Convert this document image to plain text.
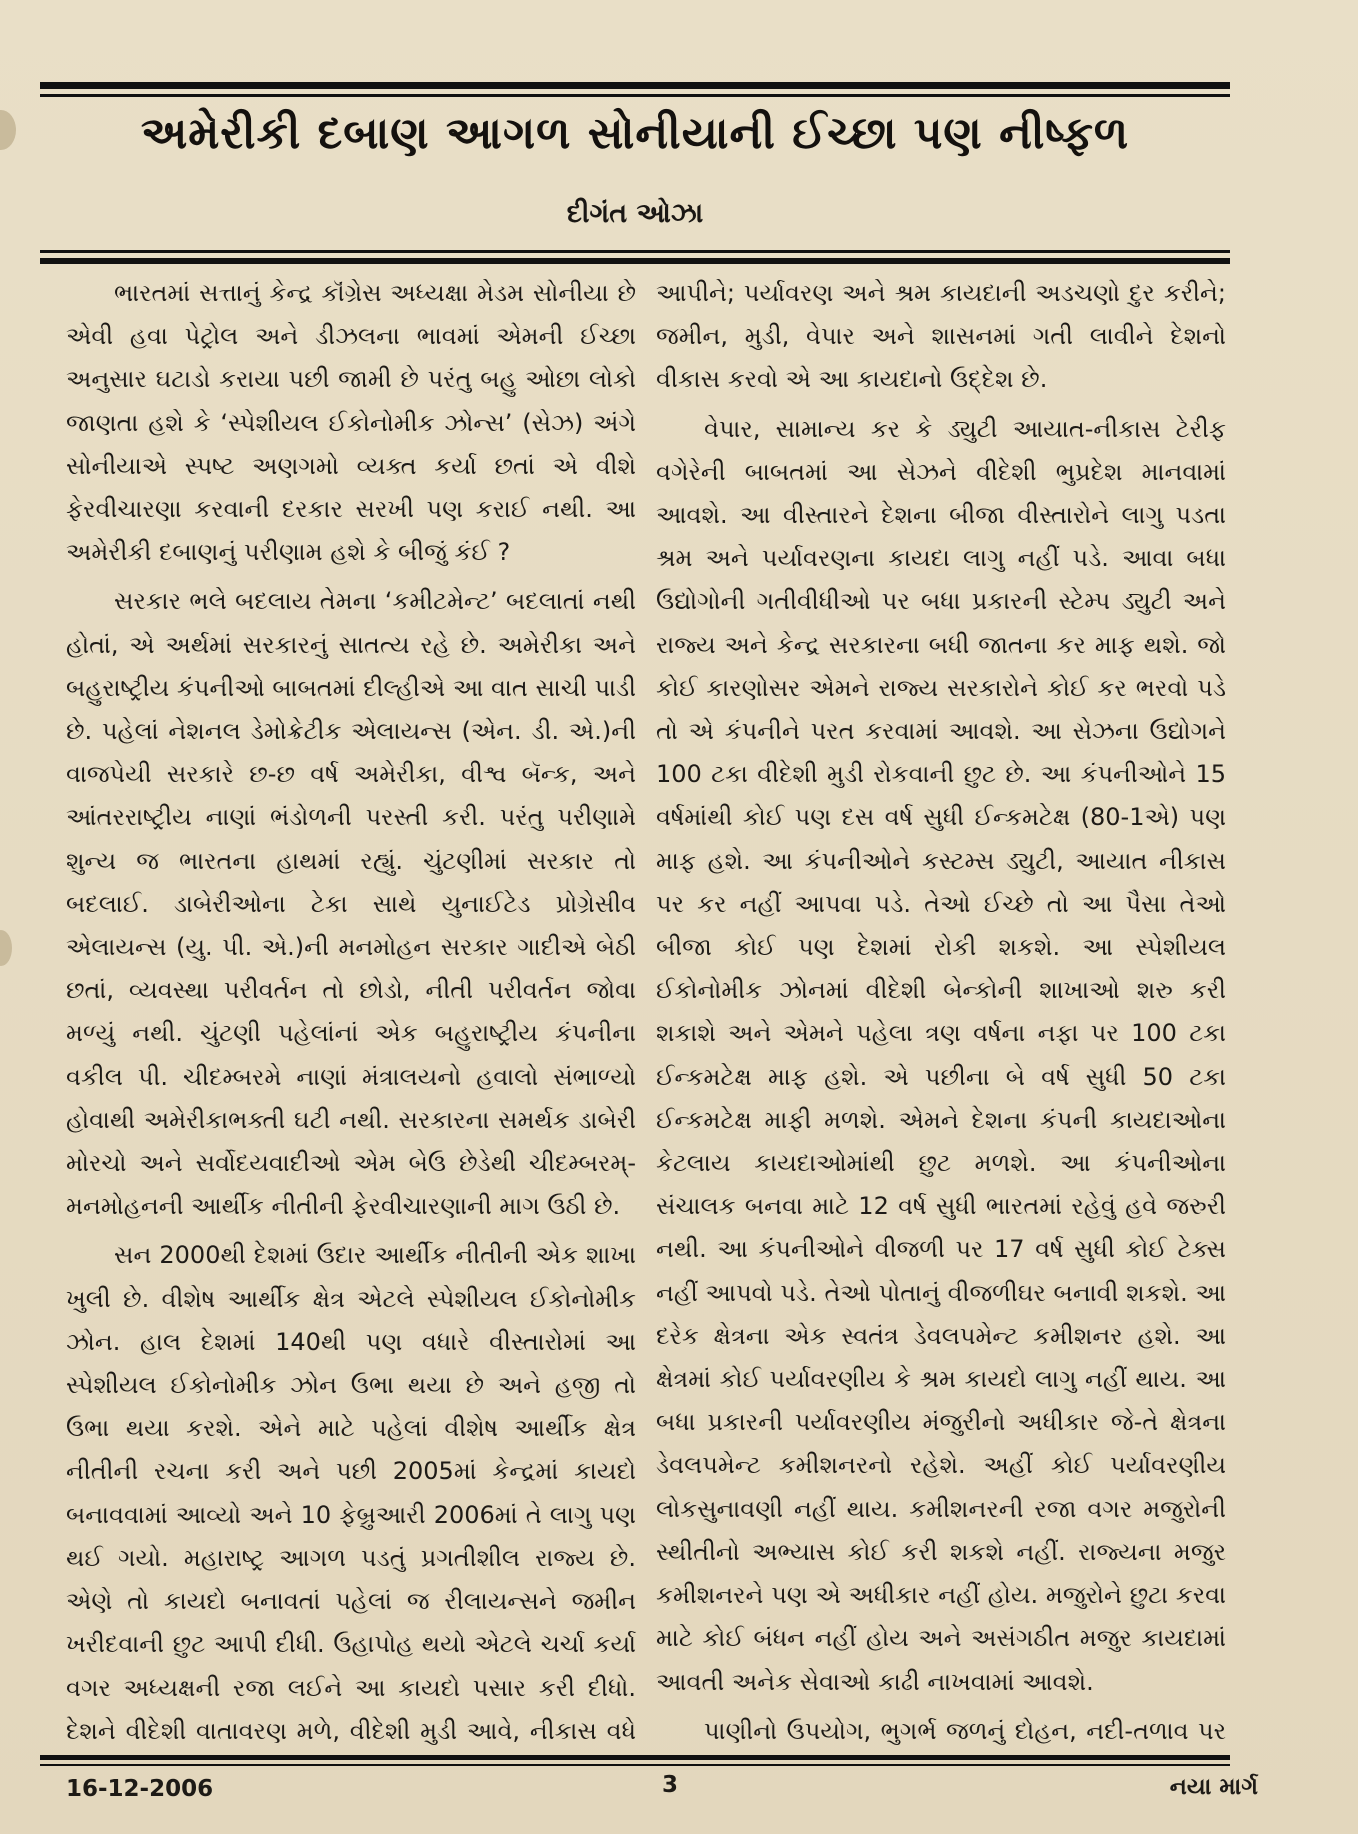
અમેરીકી દબાણ આગળ સોનીયાની ઈચ્છા પણ નીષ્ફળ
દીગંત ઓઝા

ભારતમાં સત્તાનું કેન્દ્ર કૉંગ્રેસ અધ્યક્ષા મેડમ સોનીયા છે એવી હવા પેટ્રોલ અને ડીઝલના ભાવમાં એમની ઈચ્છા અનુસાર ઘટાડો કરાયા પછી જામી છે પરંતુ બહુ ઓછા લોકો જાણતા હશે કે ‘સ્પેશીયલ ઈકોનોમીક ઝોન્સ’ (સેઝ) અંગે સોનીયાએ સ્પષ્ટ અણગમો વ્યક્ત કર્યા છતાં એ વીશે ફેરવીચારણા કરવાની દરકાર સરખી પણ કરાઈ નથી. આ અમેરીકી દબાણનું પરીણામ હશે કે બીજું કંઈ ?

સરકાર ભલે બદલાય તેમના ‘કમીટમેન્ટ’ બદલાતાં નથી હોતાં, એ અર્થમાં સરકારનું સાતત્ય રહે છે. અમેરીકા અને બહુરાષ્ટ્રીય કંપનીઓ બાબતમાં દીલ્હીએ આ વાત સાચી પાડી છે. પહેલાં નેશનલ ડેમોક્રેટીક એલાયન્સ (એન. ડી. એ.)ની વાજપેયી સરકારે છ-છ વર્ષ અમેરીકા, વીશ્વ બૅન્ક, અને આંતરરાષ્ટ્રીય નાણાં ભંડોળની પરસ્તી કરી. પરંતુ પરીણામે શુન્ય જ ભારતના હાથમાં રહ્યું. ચુંટણીમાં સરકાર તો બદલાઈ. ડાબેરીઓના ટેકા સાથે યુનાઈટેડ પ્રોગ્રેસીવ એલાયન્સ (યુ. પી. એ.)ની મનમોહન સરકાર ગાદીએ બેઠી છતાં, વ્યવસ્થા પરીવર્તન તો છોડો, નીતી પરીવર્તન જોવા મળ્યું નથી. ચુંટણી પહેલાંનાં એક બહુરાષ્ટ્રીય કંપનીના વકીલ પી. ચીદમ્બરમે નાણાં મંત્રાલયનો હવાલો સંભાળ્યો હોવાથી અમેરીકાભક્તી ઘટી નથી. સરકારના સમર્થક ડાબેરી મોરચો અને સર્વોદયવાદીઓ એમ બેઉ છેડેથી ચીદમ્બરમ્-મનમોહનની આર્થીક નીતીની ફેરવીચારણાની માગ ઉઠી છે.

સન 2000થી દેશમાં ઉદાર આર્થીક નીતીની એક શાખા ખુલી છે. વીશેષ આર્થીક ક્ષેત્ર એટલે સ્પેશીયલ ઈકોનોમીક ઝોન. હાલ દેશમાં 140થી પણ વધારે વીસ્તારોમાં આ સ્પેશીયલ ઈકોનોમીક ઝોન ઉભા થયા છે અને હજી તો ઉભા થયા કરશે. એને માટે પહેલાં વીશેષ આર્થીક ક્ષેત્ર નીતીની રચના કરી અને પછી 2005માં કેન્દ્રમાં કાયદો બનાવવામાં આવ્યો અને 10 ફેબ્રુઆરી 2006માં તે લાગુ પણ થઈ ગયો. મહારાષ્ટ્ર આગળ પડતું પ્રગતીશીલ રાજ્ય છે. એણે તો કાયદો બનાવતાં પહેલાં જ રીલાયન્સને જમીન ખરીદવાની છુટ આપી દીધી. ઉહાપોહ થયો એટલે ચર્ચા કર્યા વગર અધ્યક્ષની રજા લઈને આ કાયદો પસાર કરી દીધો. દેશને વીદેશી વાતાવરણ મળે, વીદેશી મુડી આવે, નીકાસ વધે

આપીને; પર્યાવરણ અને શ્રમ કાયદાની અડચણો દુર કરીને; જમીન, મુડી, વેપાર અને શાસનમાં ગતી લાવીને દેશનો વીકાસ કરવો એ આ કાયદાનો ઉદ્દેશ છે.

વેપાર, સામાન્ય કર કે ડ્યુટી આયાત-નીકાસ ટેરીફ વગેરેની બાબતમાં આ સેઝને વીદેશી ભુપ્રદેશ માનવામાં આવશે. આ વીસ્તારને દેશના બીજા વીસ્તારોને લાગુ પડતા શ્રમ અને પર્યાવરણના કાયદા લાગુ નહીં પડે. આવા બધા ઉદ્યોગોની ગતીવીધીઓ પર બધા પ્રકારની સ્ટેમ્પ ડ્યુટી અને રાજ્ય અને કેન્દ્ર સરકારના બધી જાતના કર માફ થશે. જો કોઈ કારણોસર એમને રાજ્ય સરકારોને કોઈ કર ભરવો પડે તો એ કંપનીને પરત કરવામાં આવશે. આ સેઝના ઉદ્યોગને 100 ટકા વીદેશી મુડી રોકવાની છુટ છે. આ કંપનીઓને 15 વર્ષમાંથી કોઈ પણ દસ વર્ષ સુધી ઈન્કમટેક્ષ (80-1એ) પણ માફ હશે. આ કંપનીઓને કસ્ટમ્સ ડ્યુટી, આયાત નીકાસ પર કર નહીં આપવા પડે. તેઓ ઈચ્છે તો આ પૈસા તેઓ બીજા કોઈ પણ દેશમાં રોકી શકશે. આ સ્પેશીયલ ઈકોનોમીક ઝોનમાં વીદેશી બેન્કોની શાખાઓ શરુ કરી શકાશે અને એમને પહેલા ત્રણ વર્ષના નફા પર 100 ટકા ઈન્કમટેક્ષ માફ હશે. એ પછીના બે વર્ષ સુધી 50 ટકા ઈન્કમટેક્ષ માફી મળશે. એમને દેશના કંપની કાયદાઓના કેટલાય કાયદાઓમાંથી છુટ મળશે. આ કંપનીઓના સંચાલક બનવા માટે 12 વર્ષ સુધી ભારતમાં રહેવું હવે જરુરી નથી. આ કંપનીઓને વીજળી પર 17 વર્ષ સુધી કોઈ ટેક્સ નહીં આપવો પડે. તેઓ પોતાનું વીજળીઘર બનાવી શકશે. આ દરેક ક્ષેત્રના એક સ્વતંત્ર ડેવલપમેન્ટ કમીશનર હશે. આ ક્ષેત્રમાં કોઈ પર્યાવરણીય કે શ્રમ કાયદો લાગુ નહીં થાય. આ બધા પ્રકારની પર્યાવરણીય મંજુરીનો અધીકાર જે-તે ક્ષેત્રના ડેવલપમેન્ટ કમીશનરનો રહેશે. અહીં કોઈ પર્યાવરણીય લોકસુનાવણી નહીં થાય. કમીશનરની રજા વગર મજુરોની સ્થીતીનો અભ્યાસ કોઈ કરી શકશે નહીં. રાજ્યના મજુર કમીશનરને પણ એ અધીકાર નહીં હોય. મજુરોને છુટા કરવા માટે કોઈ બંધન નહીં હોય અને અસંગઠીત મજુર કાયદામાં આવતી અનેક સેવાઓ કાઢી નાખવામાં આવશે.

પાણીનો ઉપયોગ, ભુગર્ભ જળનું દોહન, નદી-તળાવ પર

16-12-2006	3	નયા માર્ગ
